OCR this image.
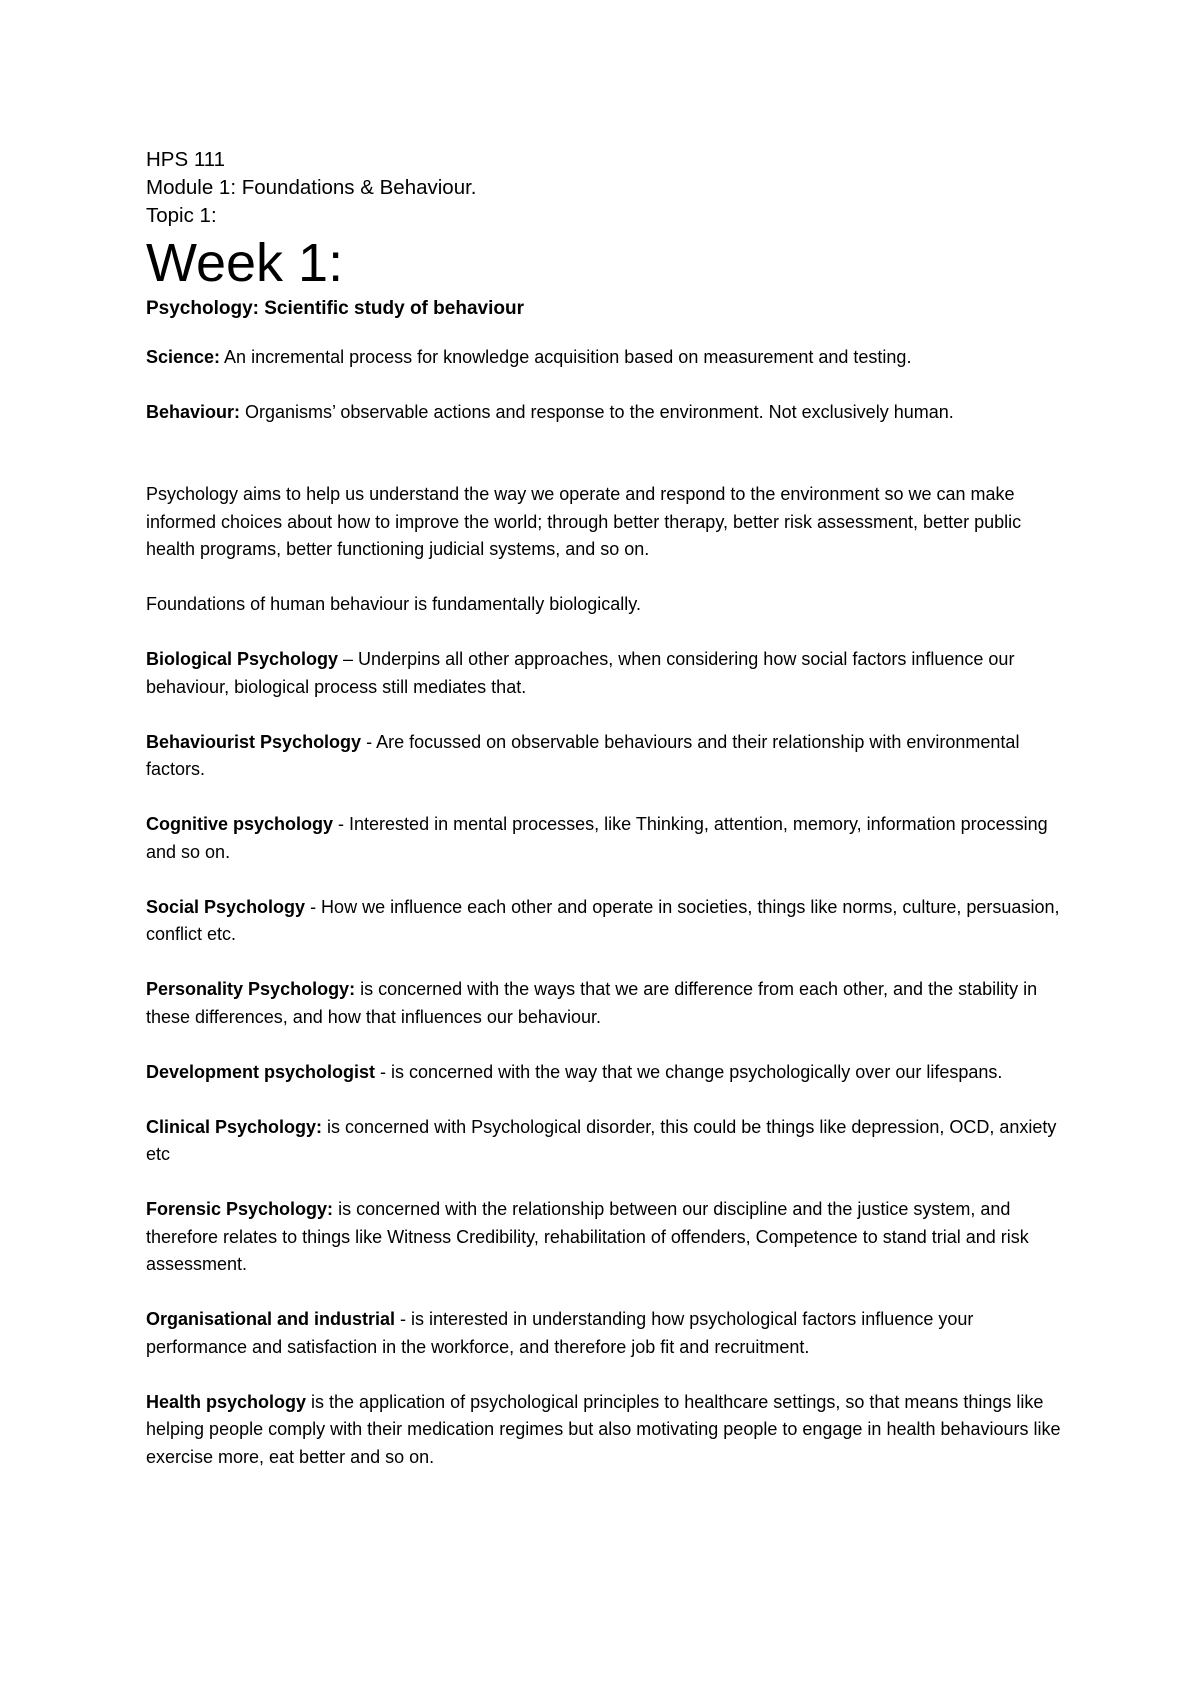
HPS 111

Module 1: Foundations & Behaviour.

Topic 1:

Week 1:

Psychology: Scientific study of behaviour

Science: An incremental process for knowledge acquisition based on measurement and testing.

Behaviour: Organisms’ observable actions and response to the environment. Not exclusively human.

Psychology aims to help us understand the way we operate and respond to the environment so we can make informed choices about how to improve the world; through better therapy, better risk assessment, better public health programs, better functioning judicial systems, and so on.

Foundations of human behaviour is fundamentally biologically.

Biological Psychology – Underpins all other approaches, when considering how social factors influence our behaviour, biological process still mediates that.

Behaviourist Psychology - Are focussed on observable behaviours and their relationship with environmental factors.

Cognitive psychology - Interested in mental processes, like Thinking, attention, memory, information processing and so on.

Social Psychology - How we influence each other and operate in societies, things like norms, culture, persuasion, conflict etc.

Personality Psychology: is concerned with the ways that we are difference from each other, and the stability in these differences, and how that influences our behaviour.

Development psychologist - is concerned with the way that we change psychologically over our lifespans.

Clinical Psychology: is concerned with Psychological disorder, this could be things like depression, OCD, anxiety etc

Forensic Psychology: is concerned with the relationship between our discipline and the justice system, and therefore relates to things like Witness Credibility, rehabilitation of offenders, Competence to stand trial and risk assessment.

Organisational and industrial - is interested in understanding how psychological factors influence your performance and satisfaction in the workforce, and therefore job fit and recruitment.

Health psychology is the application of psychological principles to healthcare settings, so that means things like helping people comply with their medication regimes but also motivating people to engage in health behaviours like exercise more, eat better and so on.
